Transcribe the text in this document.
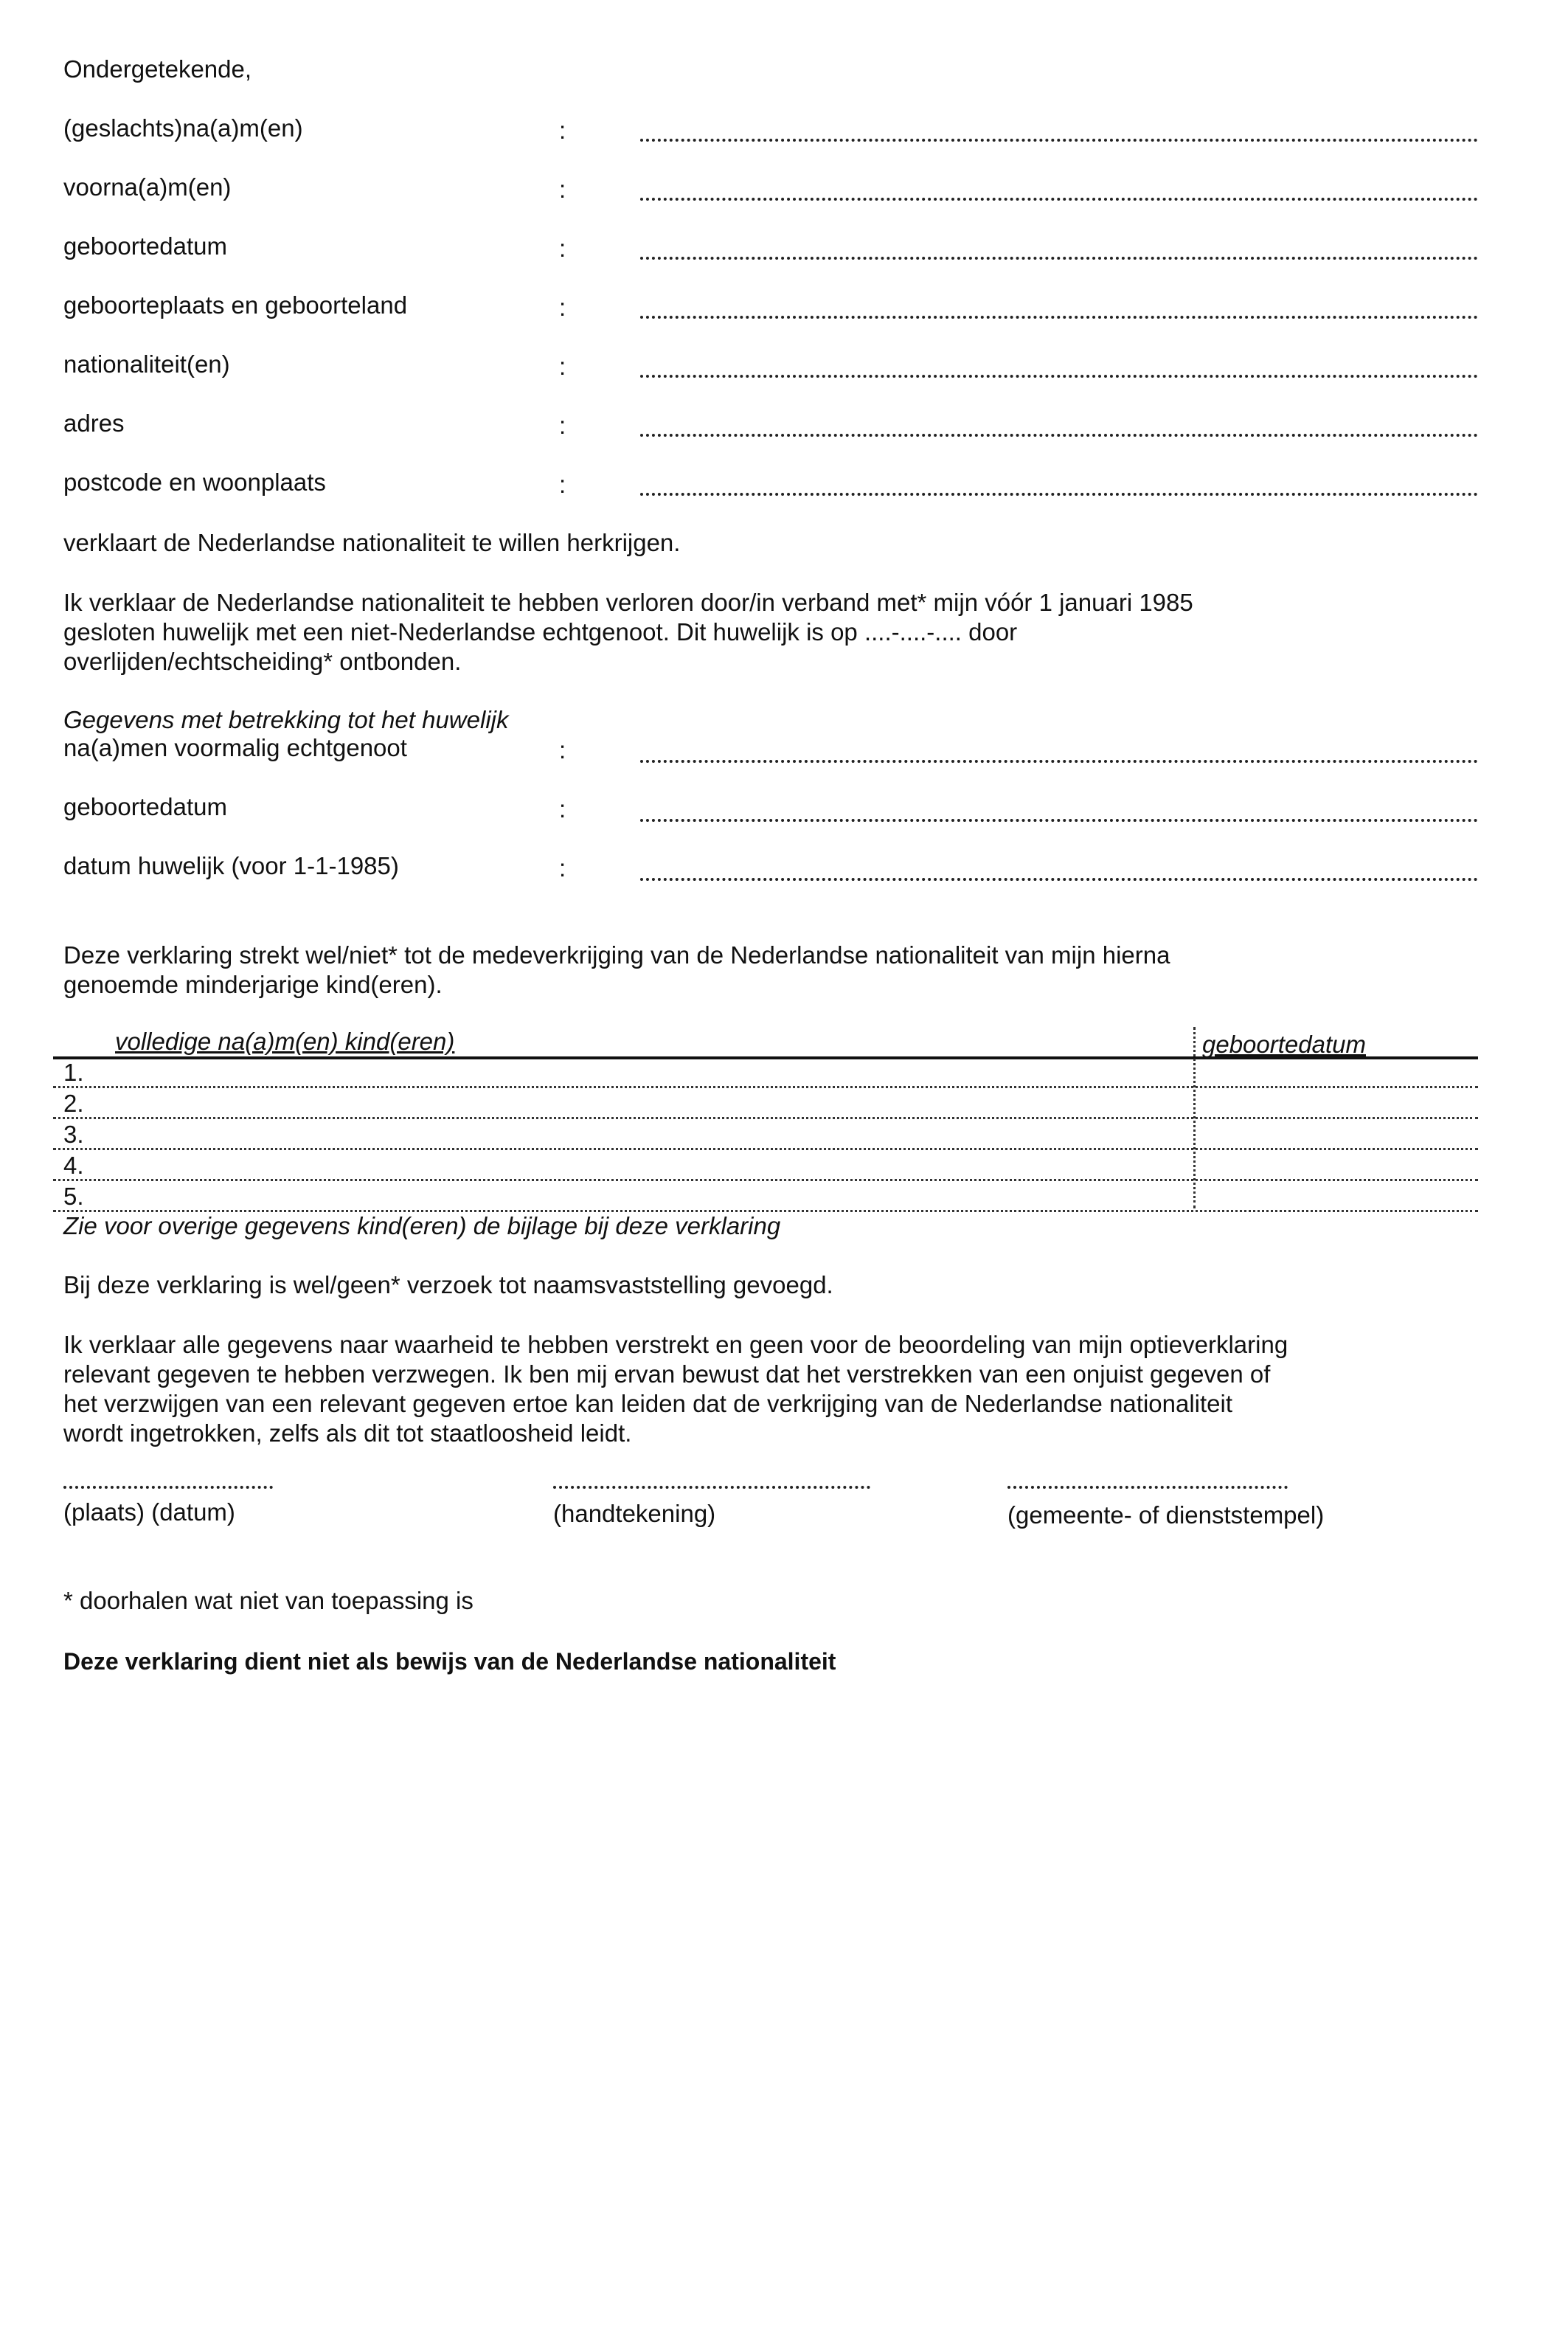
Ondergetekende,
(geslachts)na(a)m(en)	:
voorna(a)m(en)	:
geboortedatum	:
geboorteplaats en geboorteland	:
nationaliteit(en)	:
adres	:
postcode en woonplaats	:
verklaart de Nederlandse nationaliteit te willen herkrijgen.
Ik verklaar de Nederlandse nationaliteit te hebben verloren door/in verband met* mijn vóór 1 januari 1985
gesloten huwelijk met een niet-Nederlandse echtgenoot. Dit huwelijk is op ....-....-.... door
overlijden/echtscheiding* ontbonden.
Gegevens met betrekking tot het huwelijk
na(a)men voormalig echtgenoot	:
geboortedatum	:
datum huwelijk (voor 1-1-1985)	:
Deze verklaring strekt wel/niet* tot de medeverkrijging van de Nederlandse nationaliteit van mijn hierna
genoemde minderjarige kind(eren).
volledige na(a)m(en) kind(eren)	geboortedatum
1.
2.
3.
4.
5.
Zie voor overige gegevens kind(eren) de bijlage bij deze verklaring
Bij deze verklaring is wel/geen* verzoek tot naamsvaststelling gevoegd.
Ik verklaar alle gegevens naar waarheid te hebben verstrekt en geen voor de beoordeling van mijn optieverklaring
relevant gegeven te hebben verzwegen. Ik ben mij ervan bewust dat het verstrekken van een onjuist gegeven of
het verzwijgen van een relevant gegeven ertoe kan leiden dat de verkrijging van de Nederlandse nationaliteit
wordt ingetrokken, zelfs als dit tot staatloosheid leidt.
(plaats) (datum)	(handtekening)	(gemeente- of dienststempel)
* doorhalen wat niet van toepassing is
Deze verklaring dient niet als bewijs van de Nederlandse nationaliteit
